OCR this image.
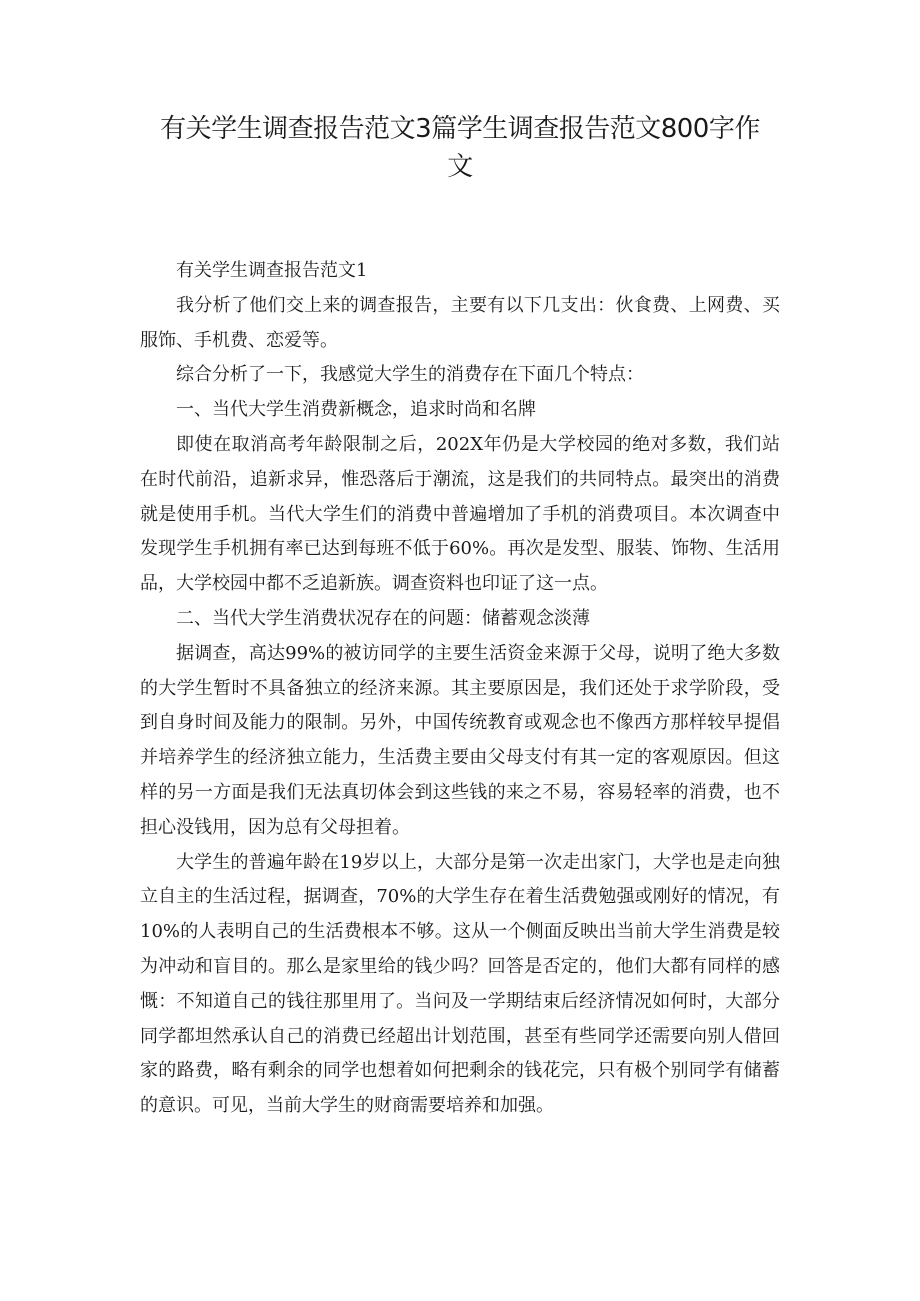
有关学生调查报告范文3篇学生调查报告范文800字作文

有关学生调查报告范文1

我分析了他们交上来的调查报告，主要有以下几支出：伙食费、上网费、买服饰、手机费、恋爱等。

综合分析了一下，我感觉大学生的消费存在下面几个特点：

一、当代大学生消费新概念，追求时尚和名牌

即使在取消高考年龄限制之后，202X年仍是大学校园的绝对多数，我们站在时代前沿，追新求异，惟恐落后于潮流，这是我们的共同特点。最突出的消费就是使用手机。当代大学生们的消费中普遍增加了手机的消费项目。本次调查中发现学生手机拥有率已达到每班不低于60%。再次是发型、服装、饰物、生活用品，大学校园中都不乏追新族。调查资料也印证了这一点。

二、当代大学生消费状况存在的问题：储蓄观念淡薄

据调查，高达99%的被访同学的主要生活资金来源于父母，说明了绝大多数的大学生暂时不具备独立的经济来源。其主要原因是，我们还处于求学阶段，受到自身时间及能力的限制。另外，中国传统教育或观念也不像西方那样较早提倡并培养学生的经济独立能力，生活费主要由父母支付有其一定的客观原因。但这样的另一方面是我们无法真切体会到这些钱的来之不易，容易轻率的消费，也不担心没钱用，因为总有父母担着。

大学生的普遍年龄在19岁以上，大部分是第一次走出家门，大学也是走向独立自主的生活过程，据调查，70%的大学生存在着生活费勉强或刚好的情况，有10%的人表明自己的生活费根本不够。这从一个侧面反映出当前大学生消费是较为冲动和盲目的。那么是家里给的钱少吗？回答是否定的，他们大都有同样的感慨：不知道自己的钱往那里用了。当问及一学期结束后经济情况如何时，大部分同学都坦然承认自己的消费已经超出计划范围，甚至有些同学还需要向别人借回家的路费，略有剩余的同学也想着如何把剩余的钱花完，只有极个别同学有储蓄的意识。可见，当前大学生的财商需要培养和加强。
